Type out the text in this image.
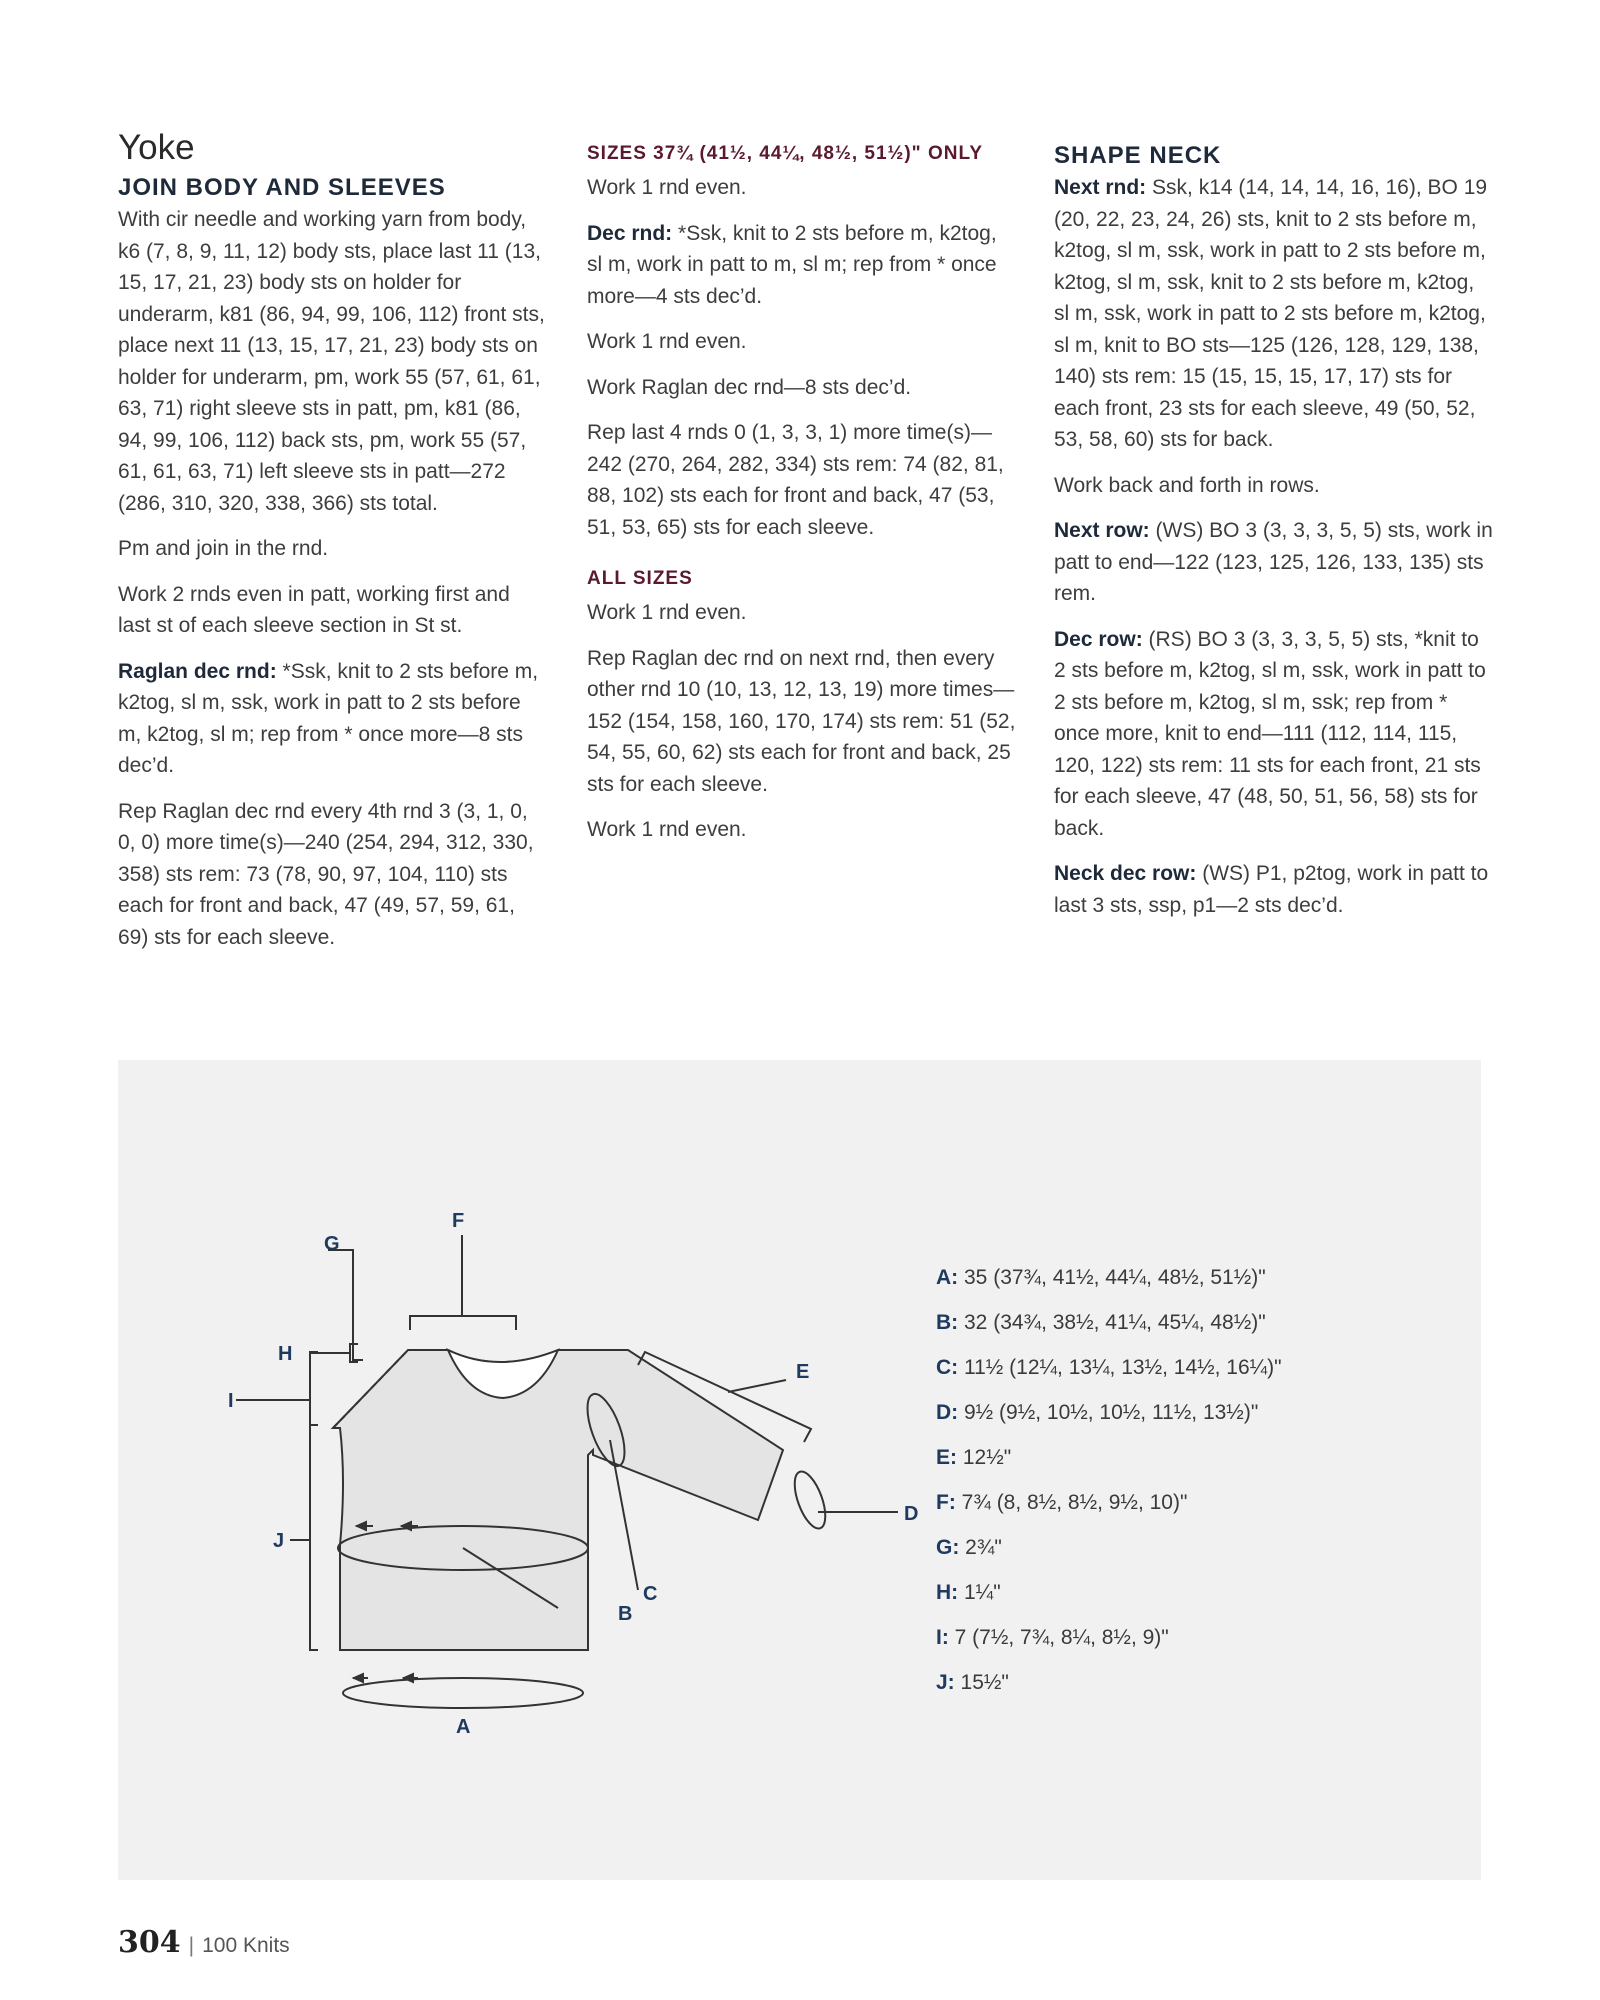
Yoke
JOIN BODY AND SLEEVES

With cir needle and working yarn from body, k6 (7, 8, 9, 11, 12) body sts, place last 11 (13, 15, 17, 21, 23) body sts on holder for underarm, k81 (86, 94, 99, 106, 112) front sts, place next 11 (13, 15, 17, 21, 23) body sts on holder for underarm, pm, work 55 (57, 61, 61, 63, 71) right sleeve sts in patt, pm, k81 (86, 94, 99, 106, 112) back sts, pm, work 55 (57, 61, 61, 63, 71) left sleeve sts in patt—272 (286, 310, 320, 338, 366) sts total.

Pm and join in the rnd.

Work 2 rnds even in patt, working first and last st of each sleeve section in St st.

Raglan dec rnd: *Ssk, knit to 2 sts before m, k2tog, sl m, ssk, work in patt to 2 sts before m, k2tog, sl m; rep from * once more—8 sts dec’d.

Rep Raglan dec rnd every 4th rnd 3 (3, 1, 0, 0, 0) more time(s)—240 (254, 294, 312, 330, 358) sts rem: 73 (78, 90, 97, 104, 110) sts each for front and back, 47 (49, 57, 59, 61, 69) sts for each sleeve.

SIZES 37¾ (41½, 44¼, 48½, 51½)" ONLY

Work 1 rnd even.

Dec rnd: *Ssk, knit to 2 sts before m, k2tog, sl m, work in patt to m, sl m; rep from * once more—4 sts dec’d.

Work 1 rnd even.

Work Raglan dec rnd—8 sts dec’d.

Rep last 4 rnds 0 (1, 3, 3, 1) more time(s)—242 (270, 264, 282, 334) sts rem: 74 (82, 81, 88, 102) sts each for front and back, 47 (53, 51, 53, 65) sts for each sleeve.

ALL SIZES

Work 1 rnd even.

Rep Raglan dec rnd on next rnd, then every other rnd 10 (10, 13, 12, 13, 19) more times—152 (154, 158, 160, 170, 174) sts rem: 51 (52, 54, 55, 60, 62) sts each for front and back, 25 sts for each sleeve.

Work 1 rnd even.

SHAPE NECK

Next rnd: Ssk, k14 (14, 14, 14, 16, 16), BO 19 (20, 22, 23, 24, 26) sts, knit to 2 sts before m, k2tog, sl m, ssk, work in patt to 2 sts before m, k2tog, sl m, ssk, knit to 2 sts before m, k2tog, sl m, ssk, work in patt to 2 sts before m, k2tog, sl m, knit to BO sts—125 (126, 128, 129, 138, 140) sts rem: 15 (15, 15, 15, 17, 17) sts for each front, 23 sts for each sleeve, 49 (50, 52, 53, 58, 60) sts for back.

Work back and forth in rows.

Next row: (WS) BO 3 (3, 3, 3, 5, 5) sts, work in patt to end—122 (123, 125, 126, 133, 135) sts rem.

Dec row: (RS) BO 3 (3, 3, 3, 5, 5) sts, *knit to 2 sts before m, k2tog, sl m, ssk, work in patt to 2 sts before m, k2tog, sl m, ssk; rep from * once more, knit to end—111 (112, 114, 115, 120, 122) sts rem: 11 sts for each front, 21 sts for each sleeve, 47 (48, 50, 51, 56, 58) sts for back.

Neck dec row: (WS) P1, p2tog, work in patt to last 3 sts, ssp, p1—2 sts dec’d.

F
G
H
I
J
E
D
C
B
A
A: 35 (37¾, 41½, 44¼, 48½, 51½)"
B: 32 (34¾, 38½, 41¼, 45¼, 48½)"
C: 11½ (12¼, 13¼, 13½, 14½, 16¼)"
D: 9½ (9½, 10½, 10½, 11½, 13½)"
E: 12½"
F: 7¾ (8, 8½, 8½, 9½, 10)"
G: 2¾"
H: 1¼"
I: 7 (7½, 7¾, 8¼, 8½, 9)"
J: 15½"
304 | 100 Knits
